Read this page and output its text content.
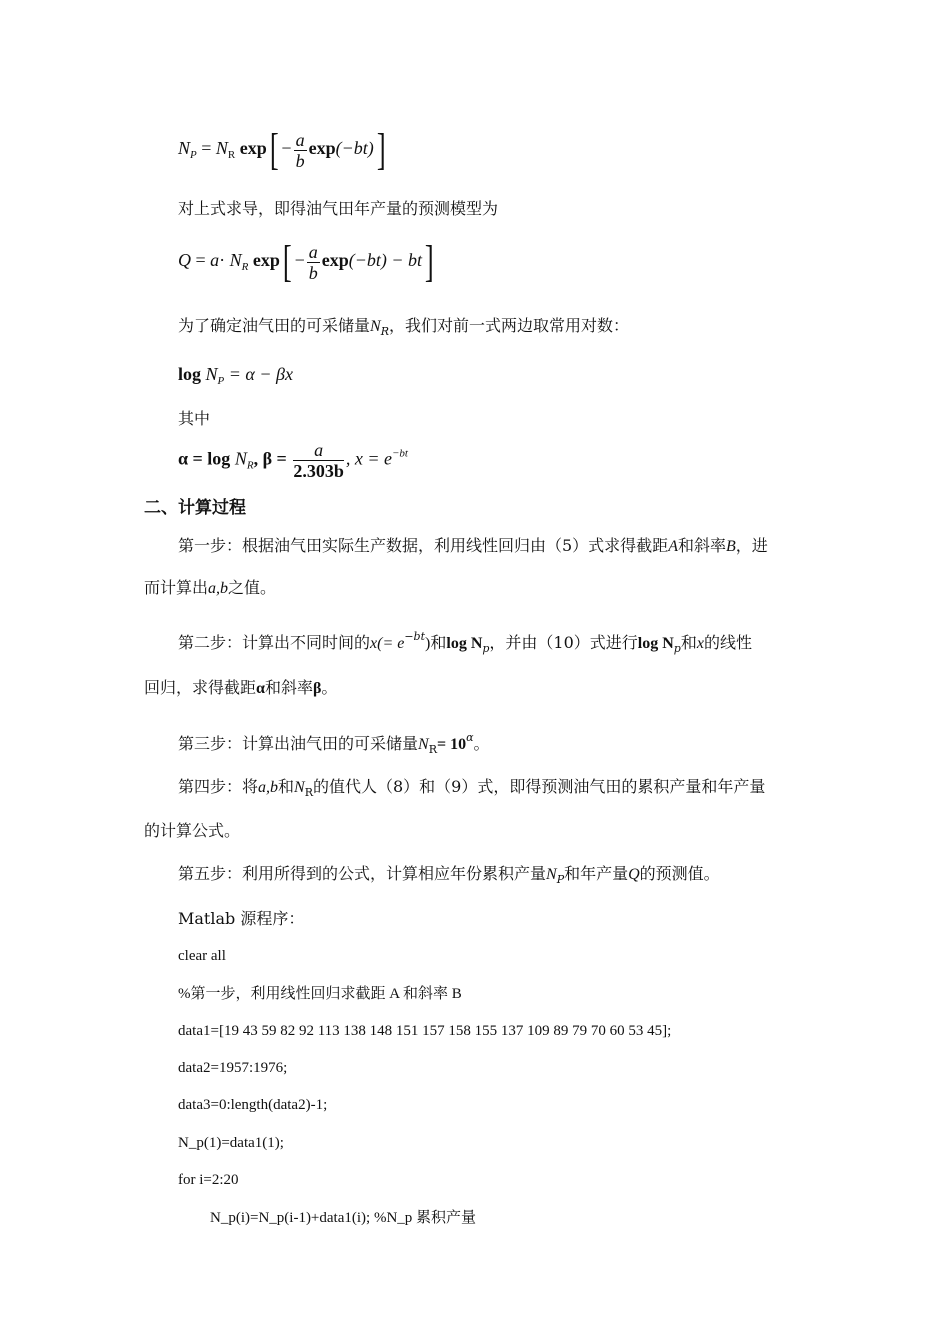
$N_P = N_R$ $\exp[ - \frac{a}{b} \exp(-bt)]$
对上式求导，即得油气田年产量的预测模型为
$Q = a\cdot N_R$ $\exp[ - \frac{a}{b} \exp(-bt) - bt]$
为了确定油气田的可采储量$N_R$，我们对前一式两边取常用对数：
$\log N_P = \alpha - \beta x$
其中
$\alpha = \log N_R$, $\beta = \frac{a}{2.303b}$ , $x = e^{-bt}$
二、计算过程
第一步：根据油气田实际生产数据，利用线性回归由（5）式求得截距A和斜率B，进
而计算出a,b之值。
第二步：计算出不同时间的$x(= e^{-bt})$和$\log N_p$，并由（10）式进行$\log N_p$和x的线性
回归，求得截距α和斜率β。
第三步：计算出油气田的可采储量$N_R= 10^\alpha$。
第四步：将a,b和$N_R$的值代人（8）和（9）式，即得预测油气田的累积产量和年产量
的计算公式。
第五步：利用所得到的公式，计算相应年份累积产量$N_P$和年产量Q的预测值。
Matlab 源程序：
clear all
%第一步，利用线性回归求截距 A 和斜率 B
data1=[19 43 59 82 92 113 138 148 151 157 158 155 137 109 89 79 70 60 53 45];
data2=1957:1976;
data3=0:length(data2)-1;
N_p(1)=data1(1);
for i=2:20
N_p(i)=N_p(i-1)+data1(i); %N_p 累积产量
